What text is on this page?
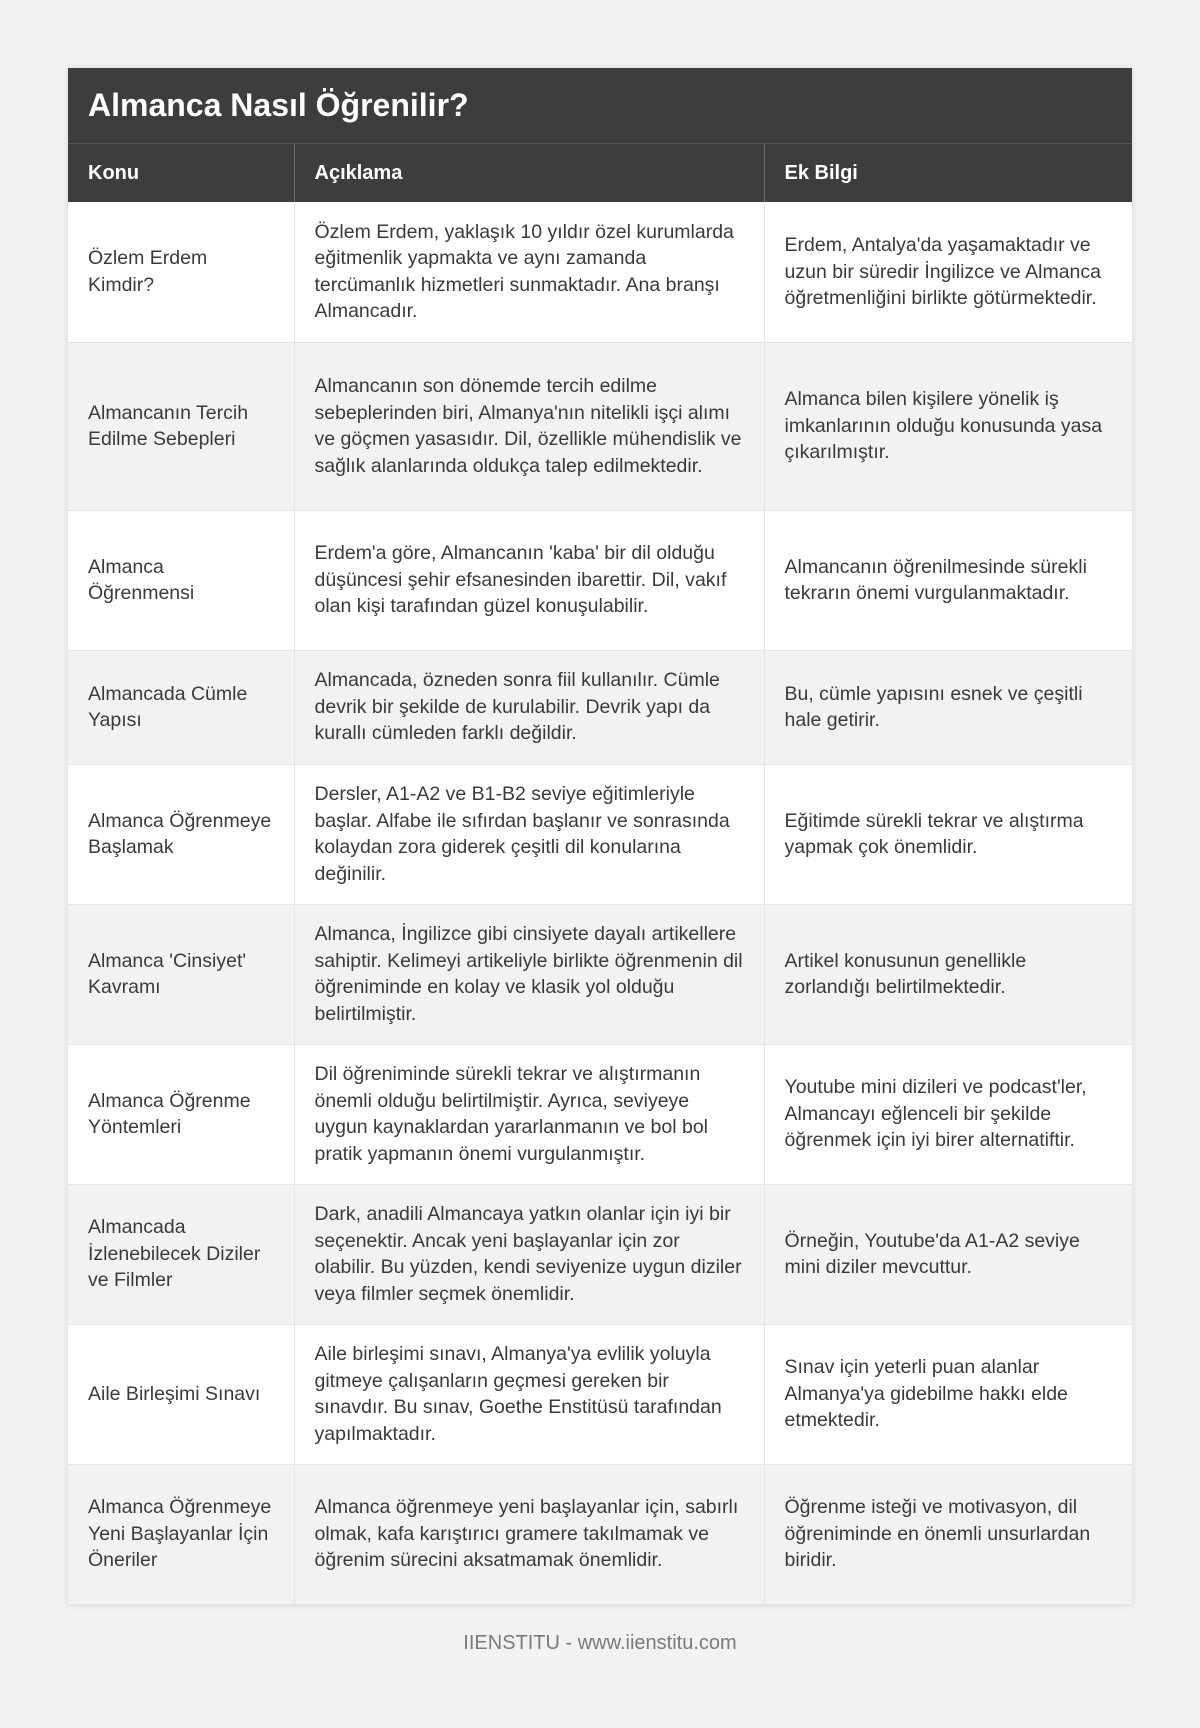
Almanca Nasıl Öğrenilir?
Konu	Açıklama	Ek Bilgi
Özlem Erdem Kimdir?	Özlem Erdem, yaklaşık 10 yıldır özel kurumlarda eğitmenlik yapmakta ve aynı zamanda tercümanlık hizmetleri sunmaktadır. Ana branşı Almancadır.	Erdem, Antalya'da yaşamaktadır ve uzun bir süredir İngilizce ve Almanca öğretmenliğini birlikte götürmektedir.
Almancanın Tercih Edilme Sebepleri	Almancanın son dönemde tercih edilme sebeplerinden biri, Almanya'nın nitelikli işçi alımı ve göçmen yasasıdır. Dil, özellikle mühendislik ve sağlık alanlarında oldukça talep edilmektedir.	Almanca bilen kişilere yönelik iş imkanlarının olduğu konusunda yasa çıkarılmıştır.
Almanca Öğrenmensi	Erdem'a göre, Almancanın 'kaba' bir dil olduğu düşüncesi şehir efsanesinden ibarettir. Dil, vakıf olan kişi tarafından güzel konuşulabilir.	Almancanın öğrenilmesinde sürekli tekrarın önemi vurgulanmaktadır.
Almancada Cümle Yapısı	Almancada, özneden sonra fiil kullanılır. Cümle devrik bir şekilde de kurulabilir. Devrik yapı da kurallı cümleden farklı değildir.	Bu, cümle yapısını esnek ve çeşitli hale getirir.
Almanca Öğrenmeye Başlamak	Dersler, A1-A2 ve B1-B2 seviye eğitimleriyle başlar. Alfabe ile sıfırdan başlanır ve sonrasında kolaydan zora giderek çeşitli dil konularına değinilir.	Eğitimde sürekli tekrar ve alıştırma yapmak çok önemlidir.
Almanca 'Cinsiyet' Kavramı	Almanca, İngilizce gibi cinsiyete dayalı artikellere sahiptir. Kelimeyi artikeliyle birlikte öğrenmenin dil öğreniminde en kolay ve klasik yol olduğu belirtilmiştir.	Artikel konusunun genellikle zorlandığı belirtilmektedir.
Almanca Öğrenme Yöntemleri	Dil öğreniminde sürekli tekrar ve alıştırmanın önemli olduğu belirtilmiştir. Ayrıca, seviyeye uygun kaynaklardan yararlanmanın ve bol bol pratik yapmanın önemi vurgulanmıştır.	Youtube mini dizileri ve podcast'ler, Almancayı eğlenceli bir şekilde öğrenmek için iyi birer alternatiftir.
Almancada İzlenebilecek Diziler ve Filmler	Dark, anadili Almancaya yatkın olanlar için iyi bir seçenektir. Ancak yeni başlayanlar için zor olabilir. Bu yüzden, kendi seviyenize uygun diziler veya filmler seçmek önemlidir.	Örneğin, Youtube'da A1-A2 seviye mini diziler mevcuttur.
Aile Birleşimi Sınavı	Aile birleşimi sınavı, Almanya'ya evlilik yoluyla gitmeye çalışanların geçmesi gereken bir sınavdır. Bu sınav, Goethe Enstitüsü tarafından yapılmaktadır.	Sınav için yeterli puan alanlar Almanya'ya gidebilme hakkı elde etmektedir.
Almanca Öğrenmeye Yeni Başlayanlar İçin Öneriler	Almanca öğrenmeye yeni başlayanlar için, sabırlı olmak, kafa karıştırıcı gramere takılmamak ve öğrenim sürecini aksatmamak önemlidir.	Öğrenme isteği ve motivasyon, dil öğreniminde en önemli unsurlardan biridir.
IIENSTITU - www.iienstitu.com
